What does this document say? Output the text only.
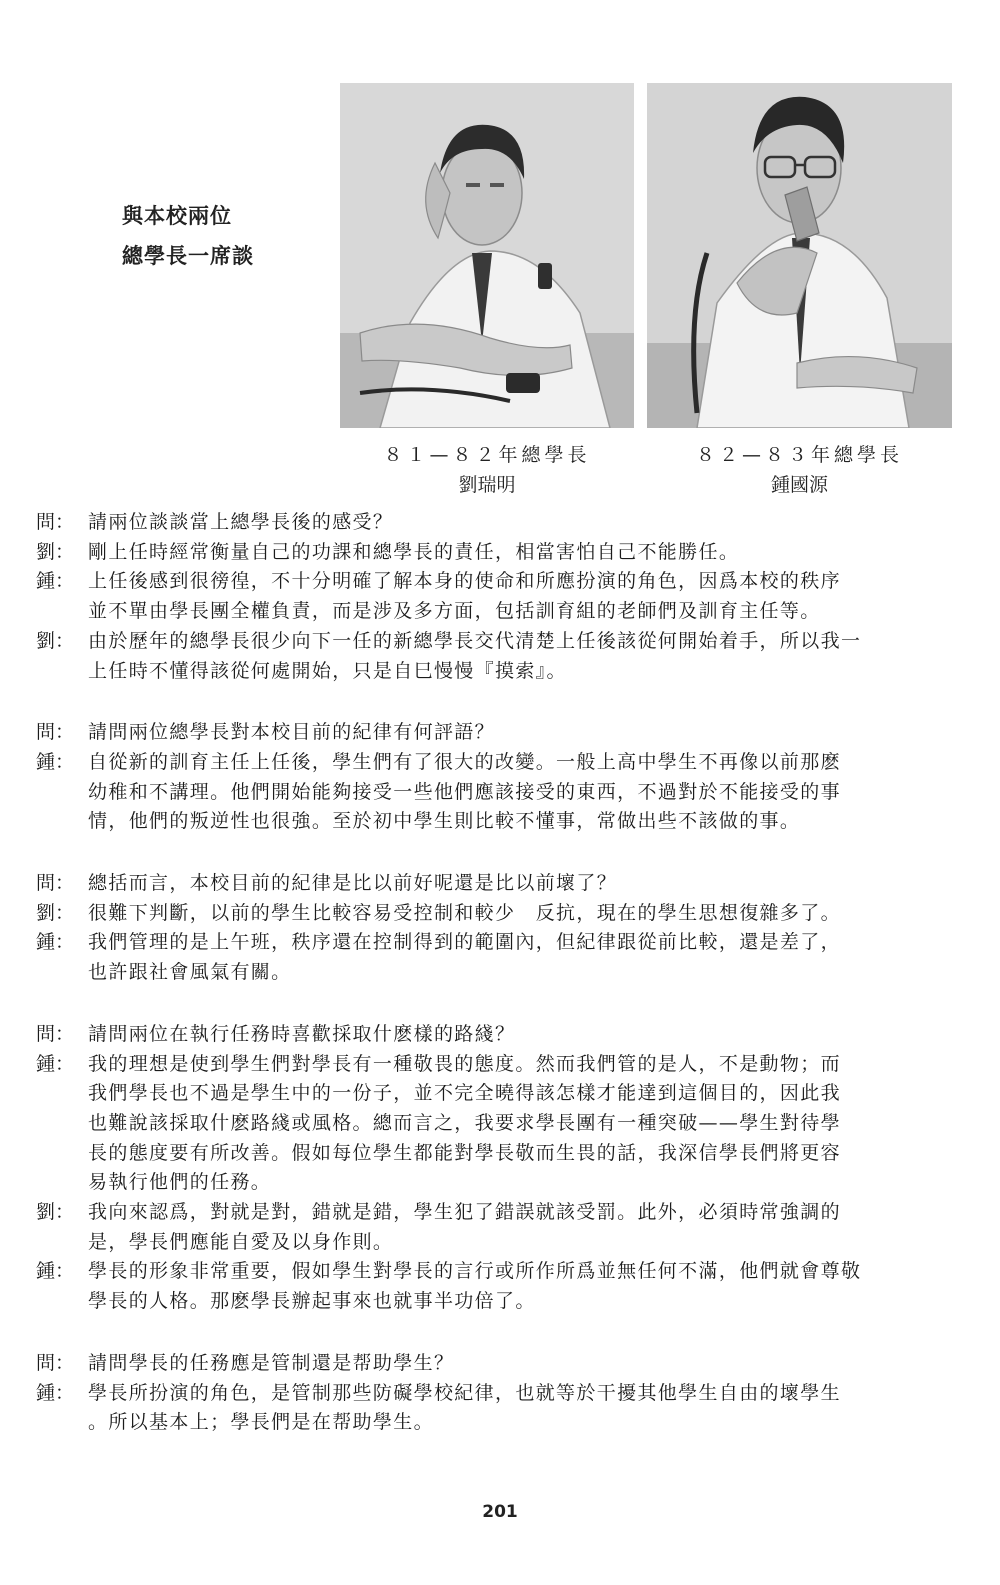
與本校兩位
總學長一席談
８１—８２年總學長
劉瑞明
８２—８３年總學長
鍾國源
問 ：	請兩位談談當上總學長後的感受？
劉 ：	剛上任時經常衡量自己的功課和總學長的責任，相當害怕自己不能勝任。
鍾 ：	上任後感到很徬徨，不十分明確了解本身的使命和所應扮演的角色，因爲本校的秩序
並不單由學長團全權負責，而是涉及多方面，包括訓育組的老師們及訓育主任等。
劉 ：	由於歷年的總學長很少向下一任的新總學長交代清楚上任後該從何開始着手，所以我一
上任時不懂得該從何處開始，只是自巳慢慢『摸索』。
問 ：	請問兩位總學長對本校目前的紀律有何評語？
鍾 ：	自從新的訓育主任上任後，學生們有了很大的改變。一般上高中學生不再像以前那麽
幼稚和不講理。他們開始能夠接受一些他們應該接受的東西，不過對於不能接受的事
情，他們的叛逆性也很強。至於初中學生則比較不懂事，常做出些不該做的事。
問 ：	總括而言，本校目前的紀律是比以前好呢還是比以前壞了？
劉 ：	很難下判斷，以前的學生比較容易受控制和較少　反抗，現在的學生思想復雜多了。
鍾 ：	我們管理的是上午班，秩序還在控制得到的範圍內，但紀律跟從前比較，還是差了，
也許跟社會風氣有關。
問 ：	請問兩位在執行任務時喜歡採取什麽樣的路綫？
鍾 ：	我的理想是使到學生們對學長有一種敬畏的態度。然而我們管的是人，不是動物；而
我們學長也不過是學生中的一份子，並不完全曉得該怎樣才能達到這個目的，因此我
也難說該採取什麽路綫或風格。總而言之，我要求學長團有一種突破——學生對待學
長的態度要有所改善。假如每位學生都能對學長敬而生畏的話，我深信學長們將更容
易執行他們的任務。
劉 ：	我向來認爲，對就是對，錯就是錯，學生犯了錯誤就該受罰。此外，必須時常強調的
是，學長們應能自愛及以身作則。
鍾 ：	學長的形象非常重要，假如學生對學長的言行或所作所爲並無任何不滿，他們就會尊敬
學長的人格。那麽學長辦起事來也就事半功倍了。
問 ：	請問學長的任務應是管制還是帮助學生？
鍾 ：	學長所扮演的角色，是管制那些防礙學校紀律，也就等於干擾其他學生自由的壞學生
。所以基本上；學長們是在帮助學生。
201
